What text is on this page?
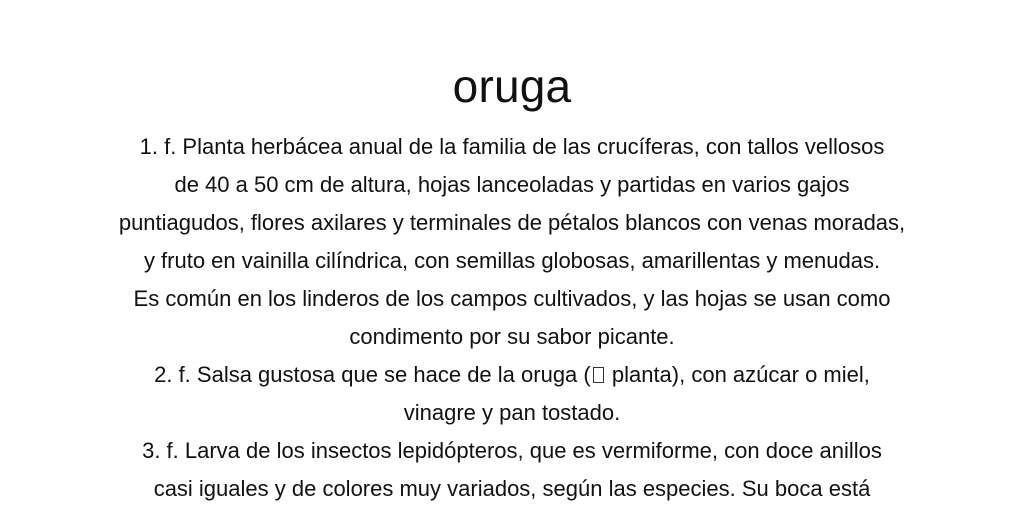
oruga
1. f. Planta herbácea anual de la familia de las crucíferas, con tallos vellosos
de 40 a 50 cm de altura, hojas lanceoladas y partidas en varios gajos
puntiagudos, flores axilares y terminales de pétalos blancos con venas moradas,
y fruto en vainilla cilíndrica, con semillas globosas, amarillentas y menudas.
Es común en los linderos de los campos cultivados, y las hojas se usan como
condimento por su sabor picante.
2. f. Salsa gustosa que se hace de la oruga ( planta), con azúcar o miel,
vinagre y pan tostado.
3. f. Larva de los insectos lepidópteros, que es vermiforme, con doce anillos
casi iguales y de colores muy variados, según las especies. Su boca está
